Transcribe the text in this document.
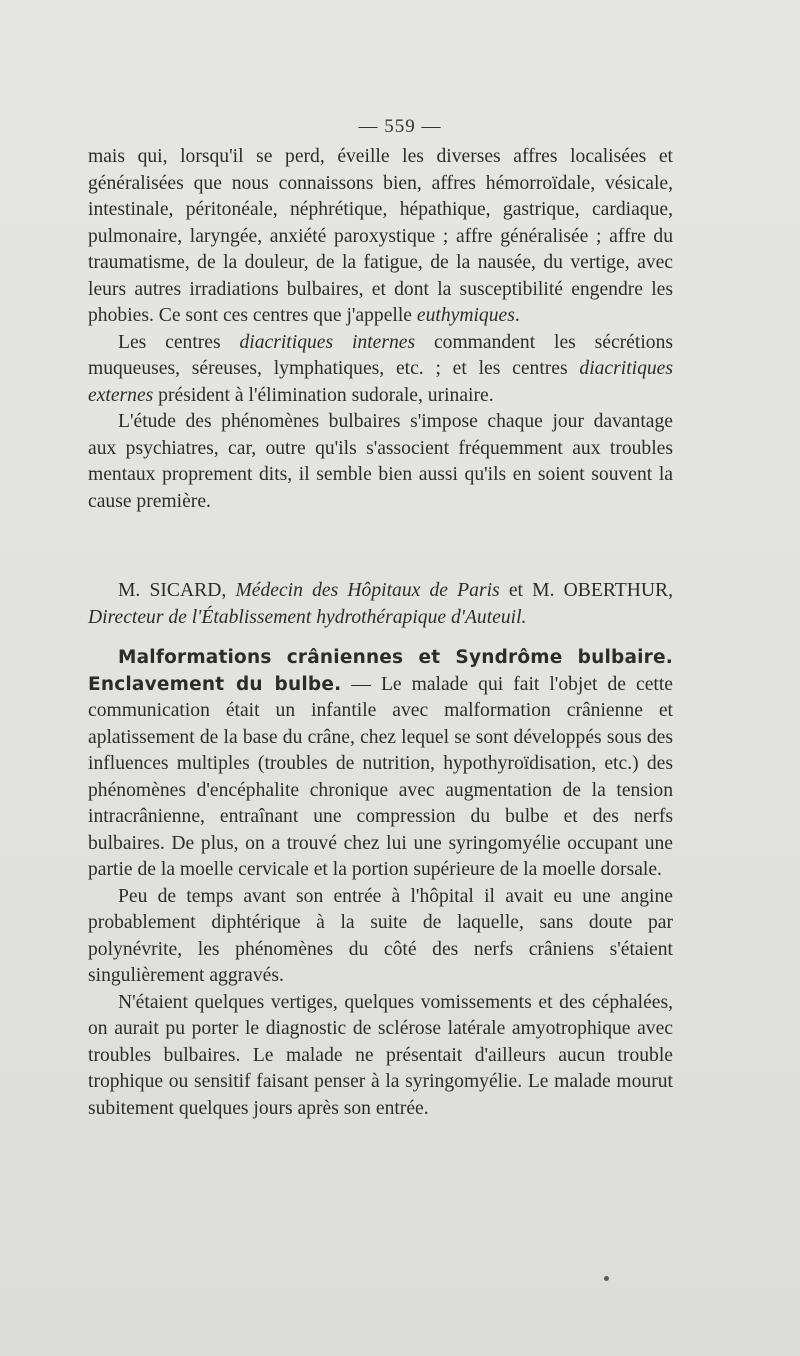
— 559 —

mais qui, lorsqu'il se perd, éveille les diverses affres localisées et généralisées que nous connaissons bien, affres hémorroïdale, vésicale, intestinale, péritonéale, néphrétique, hépathique, gastrique, cardiaque, pulmonaire, laryngée, anxiété paroxystique ; affre généralisée ; affre du traumatisme, de la douleur, de la fatigue, de la nausée, du vertige, avec leurs autres irradiations bulbaires, et dont la susceptibilité engendre les phobies. Ce sont ces centres que j'appelle euthymiques.

Les centres diacritiques internes commandent les sécrétions muqueuses, séreuses, lymphatiques, etc. ; et les centres diacritiques externes président à l'élimination sudorale, urinaire.

L'étude des phénomènes bulbaires s'impose chaque jour davantage aux psychiatres, car, outre qu'ils s'associent fréquemment aux troubles mentaux proprement dits, il semble bien aussi qu'ils en soient souvent la cause première.

M. SICARD, Médecin des Hôpitaux de Paris et M. OBERTHUR, Directeur de l'Établissement hydrothérapique d'Auteuil.

Malformations crâniennes et Syndrôme bulbaire. Enclavement du bulbe. — Le malade qui fait l'objet de cette communication était un infantile avec malformation crânienne et aplatissement de la base du crâne, chez lequel se sont développés sous des influences multiples (troubles de nutrition, hypothyroïdisation, etc.) des phénomènes d'encéphalite chronique avec augmentation de la tension intracrânienne, entraînant une compression du bulbe et des nerfs bulbaires. De plus, on a trouvé chez lui une syringomyélie occupant une partie de la moelle cervicale et la portion supérieure de la moelle dorsale.

Peu de temps avant son entrée à l'hôpital il avait eu une angine probablement diphtérique à la suite de laquelle, sans doute par polynévrite, les phénomènes du côté des nerfs crâniens s'étaient singulièrement aggravés.

N'étaient quelques vertiges, quelques vomissements et des céphalées, on aurait pu porter le diagnostic de sclérose latérale amyotrophique avec troubles bulbaires. Le malade ne présentait d'ailleurs aucun trouble trophique ou sensitif faisant penser à la syringomyélie. Le malade mourut subitement quelques jours après son entrée.
